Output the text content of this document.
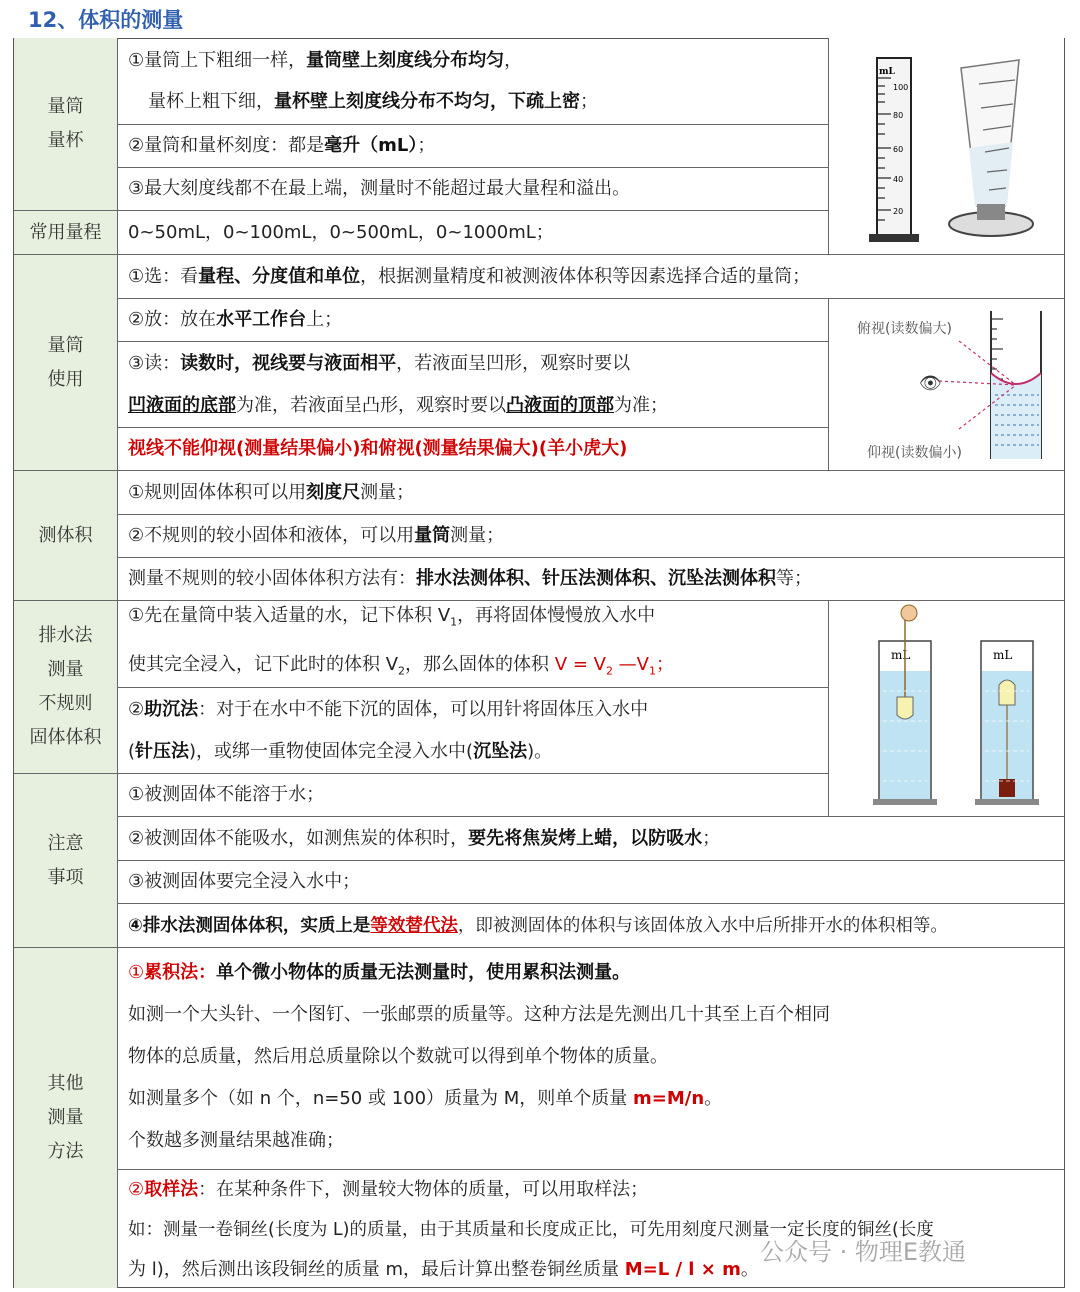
12、体积的测量
量筒
量杯
①量筒上下粗细一样，量筒壁上刻度线分布均匀，
量杯上粗下细，量杯壁上刻度线分布不均匀，下疏上密；
②量筒和量杯刻度：都是毫升（mL）；
③最大刻度线都不在最上端，测量时不能超过最大量程和溢出。
常用量程 0~50mL，0~100mL，0~500mL，0~1000mL；
mL
100
80
60
40
20
量筒
使用
①选：看量程、分度值和单位，根据测量精度和被测液体体积等因素选择合适的量筒；
②放：放在水平工作台上；
③读：读数时，视线要与液面相平，若液面呈凹形，观察时要以
凹液面的底部为准，若液面呈凸形，观察时要以凸液面的顶部为准；
视线不能仰视(测量结果偏小)和俯视(测量结果偏大)(羊小虎大)
俯视(读数偏大)
仰视(读数偏小)
👁
测体积
①规则固体体积可以用刻度尺测量；
②不规则的较小固体和液体，可以用量筒测量；
测量不规则的较小固体体积方法有：排水法测体积、针压法测体积、沉坠法测体积等；
排水法
测量
不规则
固体体积
①先在量筒中装入适量的水，记下体积 $V_1$，再将固体慢慢放入水中
使其完全浸入，记下此时的体积 $V_2$，那么固体的体积 $V = V_2$ $—V_1$；
②助沉法：对于在水中不能下沉的固体，可以用针将固体压入水中
(针压法)，或绑一重物使固体完全浸入水中(沉坠法)。
mL	mL
注意
事项
①被测固体不能溶于水；
②被测固体不能吸水，如测焦炭的体积时，要先将焦炭烤上蜡，以防吸水；
③被测固体要完全浸入水中；
④排水法测固体体积，实质上是等效替代法，即被测固体的体积与该固体放入水中后所排开水的体积相等。
其他
测量
方法
①累积法：单个微小物体的质量无法测量时，使用累积法测量。
如测一个大头针、一个图钉、一张邮票的质量等。这种方法是先测出几十其至上百个相同
物体的总质量，然后用总质量除以个数就可以得到单个物体的质量。
如测量多个（如 n 个，n=50 或 100）质量为 M，则单个质量 m=M/n。
个数越多测量结果越准确；
②取样法：在某种条件下，测量较大物体的质量，可以用取样法；
如：测量一卷铜丝(长度为 L)的质量，由于其质量和长度成正比，可先用刻度尺测量一定长度的铜丝(长度
为 l)，然后测出该段铜丝的质量 m，最后计算出整卷铜丝质量 M=L / l × m。
公众号 · 物理E教通
